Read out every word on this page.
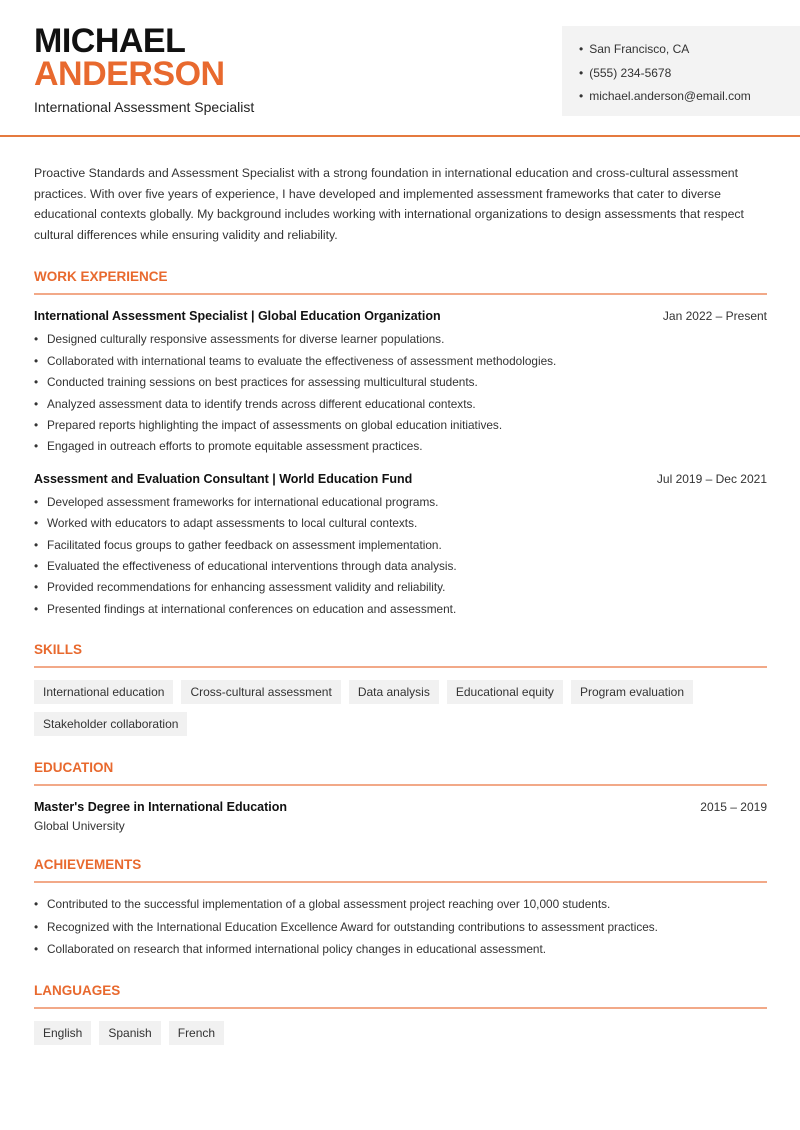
MICHAEL
ANDERSON
International Assessment Specialist
• San Francisco, CA
• (555) 234-5678
• michael.anderson@email.com

Proactive Standards and Assessment Specialist with a strong foundation in international education and cross-cultural assessment practices. With over five years of experience, I have developed and implemented assessment frameworks that cater to diverse educational contexts globally. My background includes working with international organizations to design assessments that respect cultural differences while ensuring validity and reliability.

WORK EXPERIENCE
International Assessment Specialist | Global Education Organization	Jan 2022 – Present
• Designed culturally responsive assessments for diverse learner populations.
• Collaborated with international teams to evaluate the effectiveness of assessment methodologies.
• Conducted training sessions on best practices for assessing multicultural students.
• Analyzed assessment data to identify trends across different educational contexts.
• Prepared reports highlighting the impact of assessments on global education initiatives.
• Engaged in outreach efforts to promote equitable assessment practices.
Assessment and Evaluation Consultant | World Education Fund	Jul 2019 – Dec 2021
• Developed assessment frameworks for international educational programs.
• Worked with educators to adapt assessments to local cultural contexts.
• Facilitated focus groups to gather feedback on assessment implementation.
• Evaluated the effectiveness of educational interventions through data analysis.
• Provided recommendations for enhancing assessment validity and reliability.
• Presented findings at international conferences on education and assessment.
SKILLS
International education	Cross-cultural assessment	Data analysis	Educational equity	Program evaluation
Stakeholder collaboration
EDUCATION
Master's Degree in International Education	2015 – 2019
Global University
ACHIEVEMENTS
• Contributed to the successful implementation of a global assessment project reaching over 10,000 students.
• Recognized with the International Education Excellence Award for outstanding contributions to assessment practices.
• Collaborated on research that informed international policy changes in educational assessment.
LANGUAGES
English	Spanish	French
